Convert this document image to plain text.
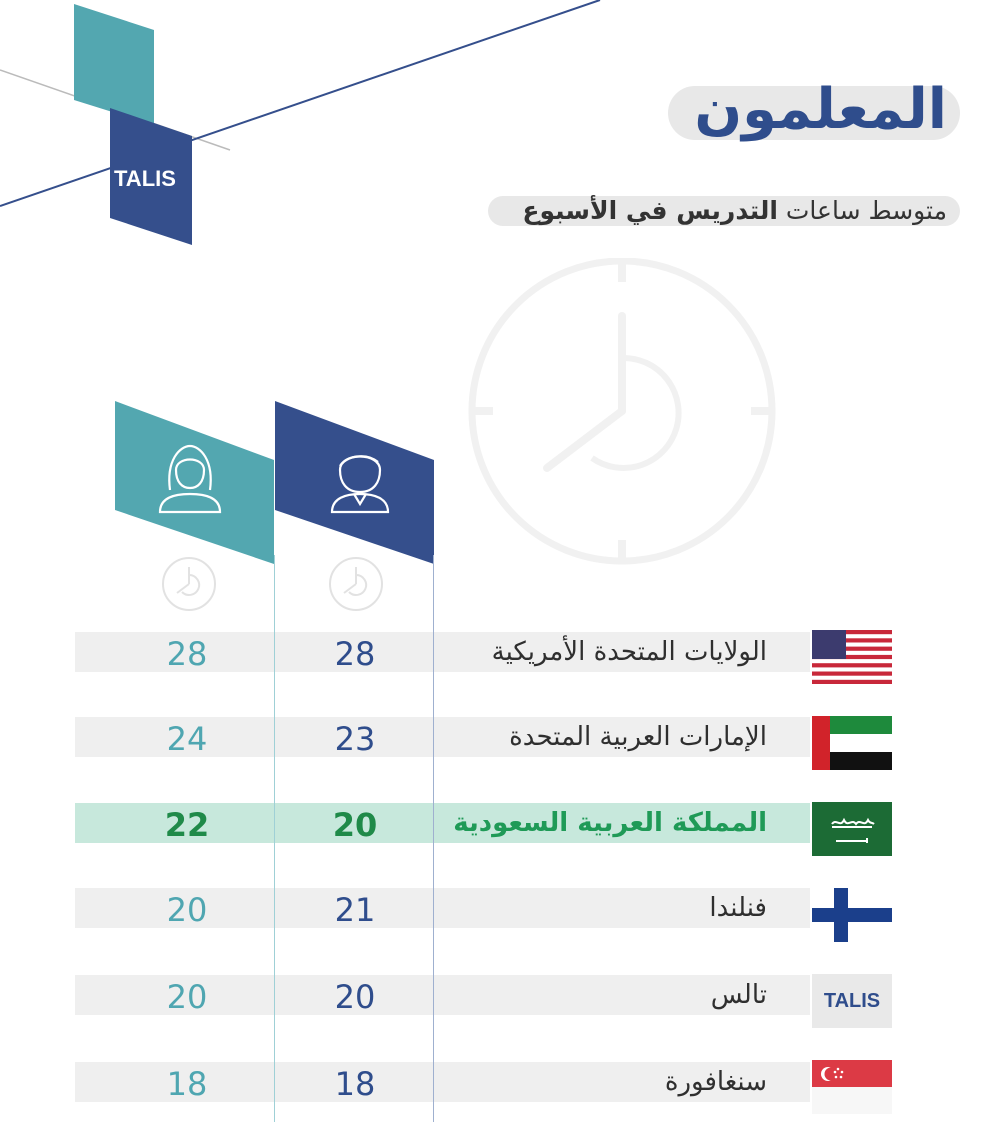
TALIS
المعلمون
متوسط ساعات التدريس في الأسبوع
الولايات المتحدة الأمريكية
28
28
الإمارات العربية المتحدة
23
24
المملكة العربية السعودية
20
22
فنلندا
21
20
تالس
20
20	TALIS
سنغافورة
18
18
